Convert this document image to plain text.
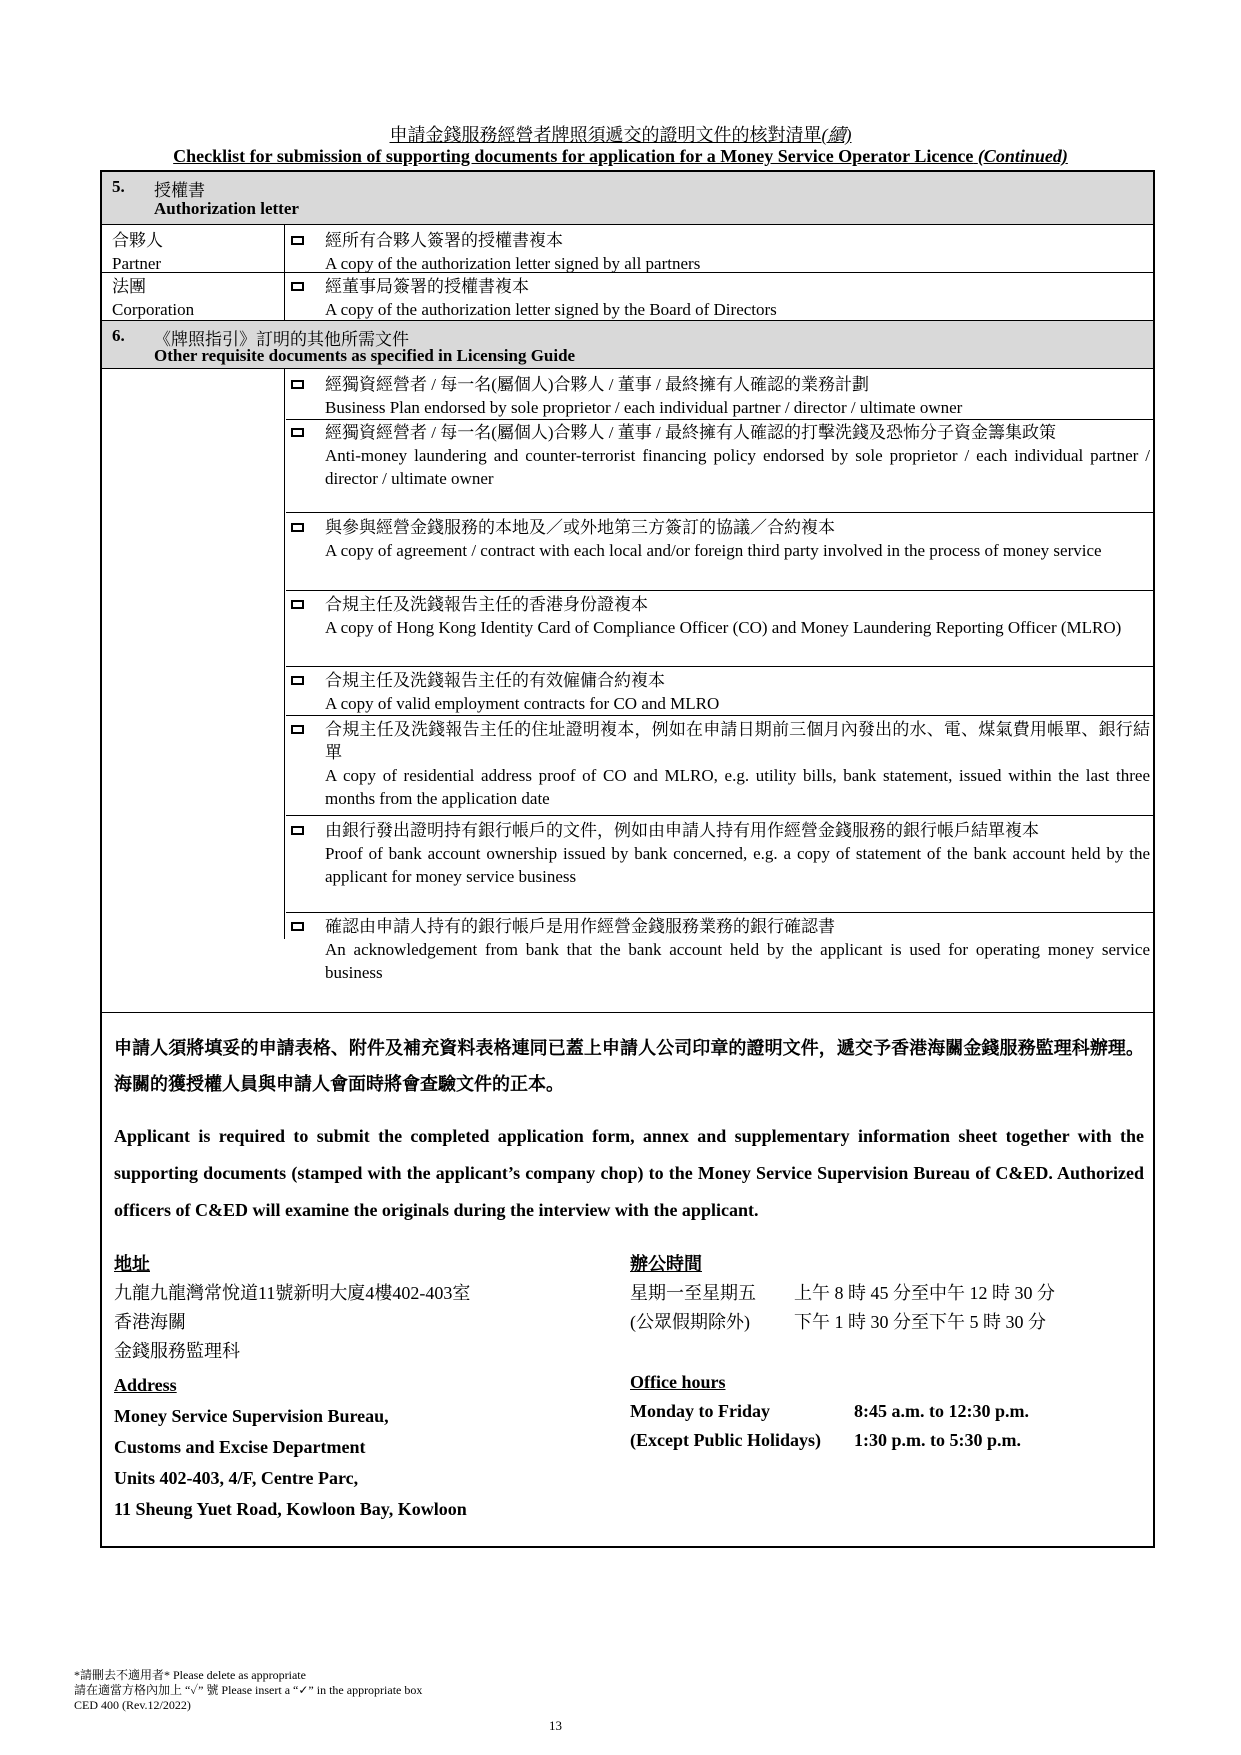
申請金錢服務經營者牌照須遞交的證明文件的核對清單(續)
Checklist for submission of supporting documents for application for a Money Service Operator Licence (Continued)
5. 授權書
Authorization letter
合夥人
Partner
經所有合夥人簽署的授權書複本
A copy of the authorization letter signed by all partners
法團
Corporation
經董事局簽署的授權書複本
A copy of the authorization letter signed by the Board of Directors
6. 《牌照指引》訂明的其他所需文件
Other requisite documents as specified in Licensing Guide
經獨資經營者 / 每一名(屬個人)合夥人 / 董事 / 最終擁有人確認的業務計劃
Business Plan endorsed by sole proprietor / each individual partner / director / ultimate owner
經獨資經營者 / 每一名(屬個人)合夥人 / 董事 / 最終擁有人確認的打擊洗錢及恐怖分子資金籌集政策
Anti-money laundering and counter-terrorist financing policy endorsed by sole proprietor / each individual partner / director / ultimate owner
與參與經營金錢服務的本地及／或外地第三方簽訂的協議／合約複本
A copy of agreement / contract with each local and/or foreign third party involved in the process of money service
合規主任及洗錢報告主任的香港身份證複本
A copy of Hong Kong Identity Card of Compliance Officer (CO) and Money Laundering Reporting Officer (MLRO)
合規主任及洗錢報告主任的有效僱傭合約複本
A copy of valid employment contracts for CO and MLRO
合規主任及洗錢報告主任的住址證明複本，例如在申請日期前三個月內發出的水、電、煤氣費用帳單、銀行結單
A copy of residential address proof of CO and MLRO, e.g. utility bills, bank statement, issued within the last three months from the application date
由銀行發出證明持有銀行帳戶的文件，例如由申請人持有用作經營金錢服務的銀行帳戶結單複本
Proof of bank account ownership issued by bank concerned, e.g. a copy of statement of the bank account held by the applicant for money service business
確認由申請人持有的銀行帳戶是用作經營金錢服務業務的銀行確認書
An acknowledgement from bank that the bank account held by the applicant is used for operating money service business
申請人須將填妥的申請表格、附件及補充資料表格連同已蓋上申請人公司印章的證明文件，遞交予香港海關金錢服務監理科辦理。海關的獲授權人員與申請人會面時將會查驗文件的正本。
Applicant is required to submit the completed application form, annex and supplementary information sheet together with the supporting documents (stamped with the applicant’s company chop) to the Money Service Supervision Bureau of C&ED. Authorized officers of C&ED will examine the originals during the interview with the applicant.
地址
九龍九龍灣常悅道11號新明大廈4樓402-403室
香港海關
金錢服務監理科
Address
Money Service Supervision Bureau,
Customs and Excise Department
Units 402-403, 4/F, Centre Parc,
11 Sheung Yuet Road, Kowloon Bay, Kowloon
辦公時間
星期一至星期五 上午 8 時 45 分至中午 12 時 30 分
(公眾假期除外) 下午 1 時 30 分至下午 5 時 30 分
Office hours
Monday to Friday	8:45 a.m. to 12:30 p.m.
(Except Public Holidays) 1:30 p.m. to 5:30 p.m.
*請刪去不適用者* Please delete as appropriate
請在適當方格內加上 “✓” 號 Please insert a “✓” in the appropriate box
CED 400 (Rev.12/2022)
13
